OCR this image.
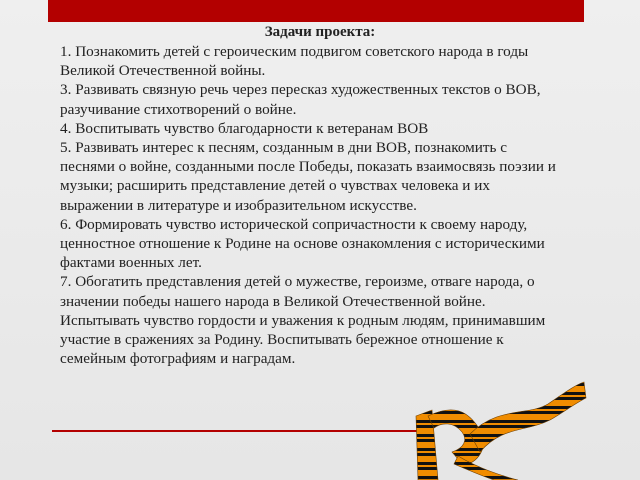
Задачи проекта:
1. Познакомить детей с героическим подвигом советского народа в годы
Великой Отечественной войны.
3. Развивать связную речь через пересказ художественных текстов о ВОВ,
разучивание стихотворений о войне.
4. Воспитывать чувство благодарности к ветеранам ВОВ
5. Развивать интерес к песням, созданным в дни ВОВ, познакомить с
песнями о войне, созданными после Победы, показать взаимосвязь поэзии и
музыки; расширить представление детей о чувствах человека и их
выражении в литературе и изобразительном искусстве.
6. Формировать чувство исторической сопричастности к своему народу,
ценностное отношение к Родине на основе ознакомления с историческими
фактами военных лет.
7. Обогатить представления детей о мужестве, героизме, отваге народа, о
значении победы нашего народа в Великой Отечественной войне.
Испытывать чувство гордости и уважения к родным людям, принимавшим
участие в сражениях за Родину. Воспитывать бережное отношение к
семейным фотографиям и наградам.
